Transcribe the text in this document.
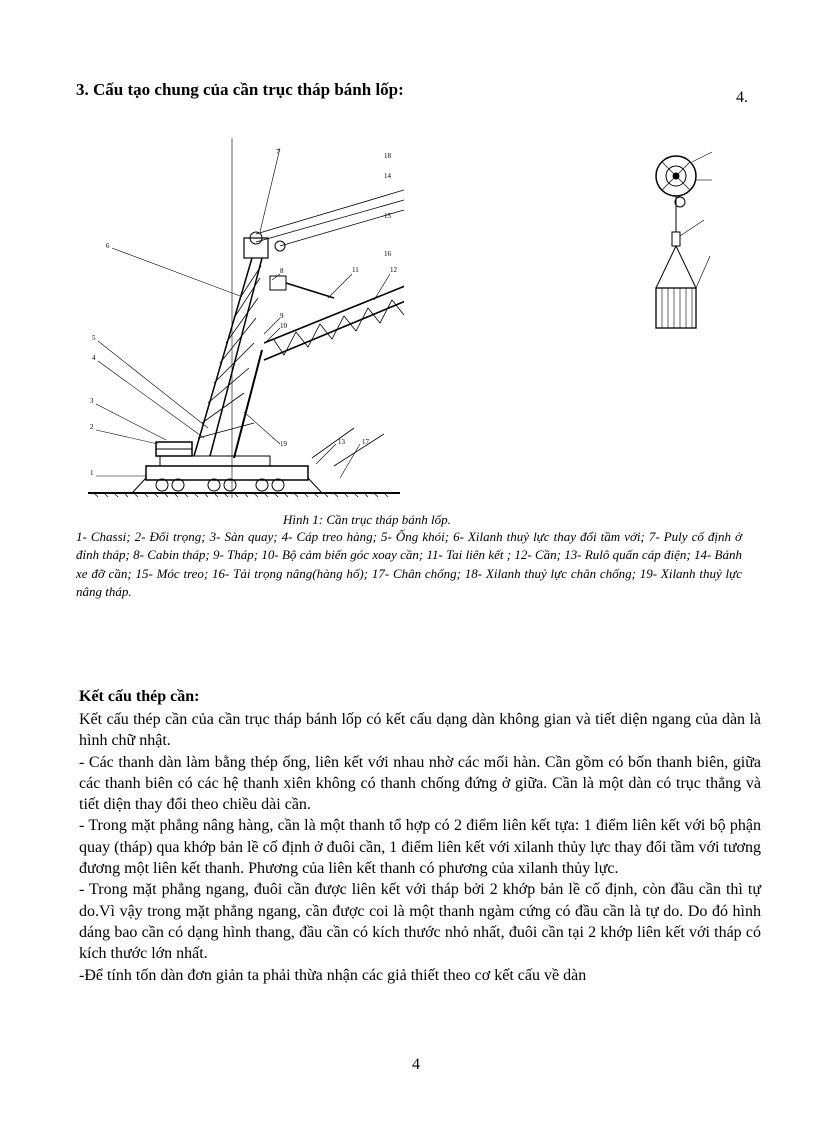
3. Cấu tạo chung của cần trục tháp bánh lốp:	4.
1
2
3
4
5
6
7
8
9
10
11	12
13
14
15
16
17
18
19
Hình 1: Cần trục tháp bánh lốp.
1- Chassi; 2- Đối trọng; 3- Sàn quay; 4- Cáp treo hàng; 5- Ống khói; 6- Xilanh thuỷ lực thay đổi tầm với; 7- Puly cố định ở đỉnh tháp; 8- Cabin tháp; 9- Tháp; 10- Bộ cảm biến góc xoay cần; 11- Tai liên kết ; 12- Cần; 13- Rulô quấn cáp điện; 14- Bánh xe đỡ cần; 15- Móc treo; 16- Tải trọng nâng(hàng hố); 17- Chân chống; 18- Xilanh thuỷ lực chân chống; 19- Xilanh thuỷ lực nâng tháp.
Kết cấu thép cần:

Kết cấu thép cần của cần trục tháp bánh lốp có kết cấu dạng dàn không gian và tiết diện ngang của dàn là hình chữ nhật.

- Các thanh dàn làm bằng thép ống, liên kết với nhau nhờ các mối hàn. Cần gồm có bốn thanh biên, giữa các thanh biên có các hệ thanh xiên không có thanh chống đứng ở giữa. Cần là một dàn có trục thẳng và tiết diện thay đổi theo chiều dài cần.

- Trong mặt phẳng nâng hàng, cần là một thanh tổ hợp có 2 điểm liên kết tựa: 1 điểm liên kết với bộ phận quay (tháp) qua khớp bản lề cố định ở đuôi cần, 1 điểm liên kết với xilanh thủy lực thay đổi tầm với tương đương một liên kết thanh. Phương của liên kết thanh có phương của xilanh thủy lực.

- Trong mặt phẳng ngang, đuôi cần được liên kết với tháp bởi 2 khớp bản lề cố định, còn đầu cần thì tự do.Vì vậy trong mặt phẳng ngang, cần được coi là một thanh ngàm cứng có đầu cần là tự do. Do đó hình dáng bao cần có dạng hình thang, đầu cần có kích thước nhỏ nhất, đuôi cần tại 2 khớp liên kết với tháp có kích thước lớn nhất.

-Để tính tốn dàn đơn giản ta phải thừa nhận các giả thiết theo cơ kết cấu về dàn

4
